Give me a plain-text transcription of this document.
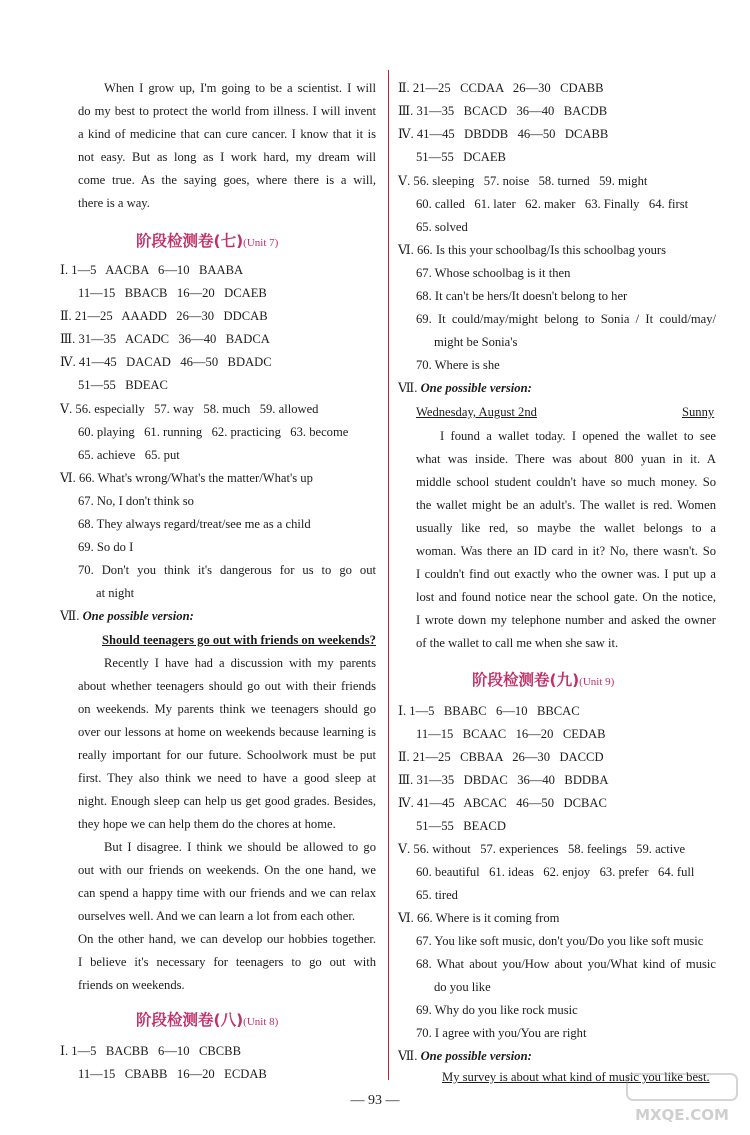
When I grow up, I'm going to be a scientist. I will
do my best to protect the world from illness. I will invent
a kind of medicine that can cure cancer. I know that it is
not easy. But as long as I work hard, my dream will
come true. As the saying goes, where there is a will,
there is a way.
阶段检测卷(七)(Unit 7)
Ⅰ. 1—5   AACBA   6—10   BAABA
11—15   BBACB   16—20   DCAEB
Ⅱ. 21—25   AAADD   26—30   DDCAB
Ⅲ. 31—35   ACADC   36—40   BADCA
Ⅳ. 41—45   DACAD   46—50   BDADC
51—55   BDEAC
Ⅴ. 56. especially   57. way   58. much   59. allowed
60. playing   61. running   62. practicing   63. become
65. achieve   65. put
Ⅵ. 66. What's wrong/What's the matter/What's up
67. No, I don't think so
68. They always regard/treat/see me as a child
69. So do I
70. Don't you think it's dangerous for us to go out
at night
Ⅶ. One possible version:
Should teenagers go out with friends on weekends?
Recently I have had a discussion with my parents
about whether teenagers should go out with their friends
on weekends. My parents think we teenagers should go
over our lessons at home on weekends because learning is
really important for our future. Schoolwork must be put
first. They also think we need to have a good sleep at
night. Enough sleep can help us get good grades. Besides,
they hope we can help them do the chores at home.
But I disagree. I think we should be allowed to go
out with our friends on weekends. On the one hand, we
can spend a happy time with our friends and we can relax
ourselves well. And we can learn a lot from each other.
On the other hand, we can develop our hobbies together.
I believe it's necessary for teenagers to go out with
friends on weekends.
阶段检测卷(八)(Unit 8)
Ⅰ. 1—5   BACBB   6—10   CBCBB
11—15   CBABB   16—20   ECDAB
Ⅱ. 21—25   CCDAA   26—30   CDABB
Ⅲ. 31—35   BCACD   36—40   BACDB
Ⅳ. 41—45   DBDDB   46—50   DCABB
51—55   DCAEB
Ⅴ. 56. sleeping   57. noise   58. turned   59. might
60. called   61. later   62. maker   63. Finally   64. first
65. solved
Ⅵ. 66. Is this your schoolbag/Is this schoolbag yours
67. Whose schoolbag is it then
68. It can't be hers/It doesn't belong to her
69. It could/may/might belong to Sonia / It could/may/
might be Sonia's
70. Where is she
Ⅶ. One possible version:
Wednesday, August 2nd	Sunny
I found a wallet today. I opened the wallet to see
what was inside. There was about 800 yuan in it. A
middle school student couldn't have so much money. So
the wallet might be an adult's. The wallet is red. Women
usually like red, so maybe the wallet belongs to a
woman. Was there an ID card in it? No, there wasn't. So
I couldn't find out exactly who the owner was. I put up a
lost and found notice near the school gate. On the notice,
I wrote down my telephone number and asked the owner
of the wallet to call me when she saw it.
阶段检测卷(九)(Unit 9)
Ⅰ. 1—5   BBABC   6—10   BBCAC
11—15   BCAAC   16—20   CEDAB
Ⅱ. 21—25   CBBAA   26—30   DACCD
Ⅲ. 31—35   DBDAC   36—40   BDDBA
Ⅳ. 41—45   ABCAC   46—50   DCBAC
51—55   BEACD
Ⅴ. 56. without   57. experiences   58. feelings   59. active
60. beautiful   61. ideas   62. enjoy   63. prefer   64. full
65. tired
Ⅵ. 66. Where is it coming from
67. You like soft music, don't you/Do you like soft music
68. What about you/How about you/What kind of music
do you like
69. Why do you like rock music
70. I agree with you/You are right
Ⅶ. One possible version:
My survey is about what kind of music you like best.
— 93 —
MXQE.COM
